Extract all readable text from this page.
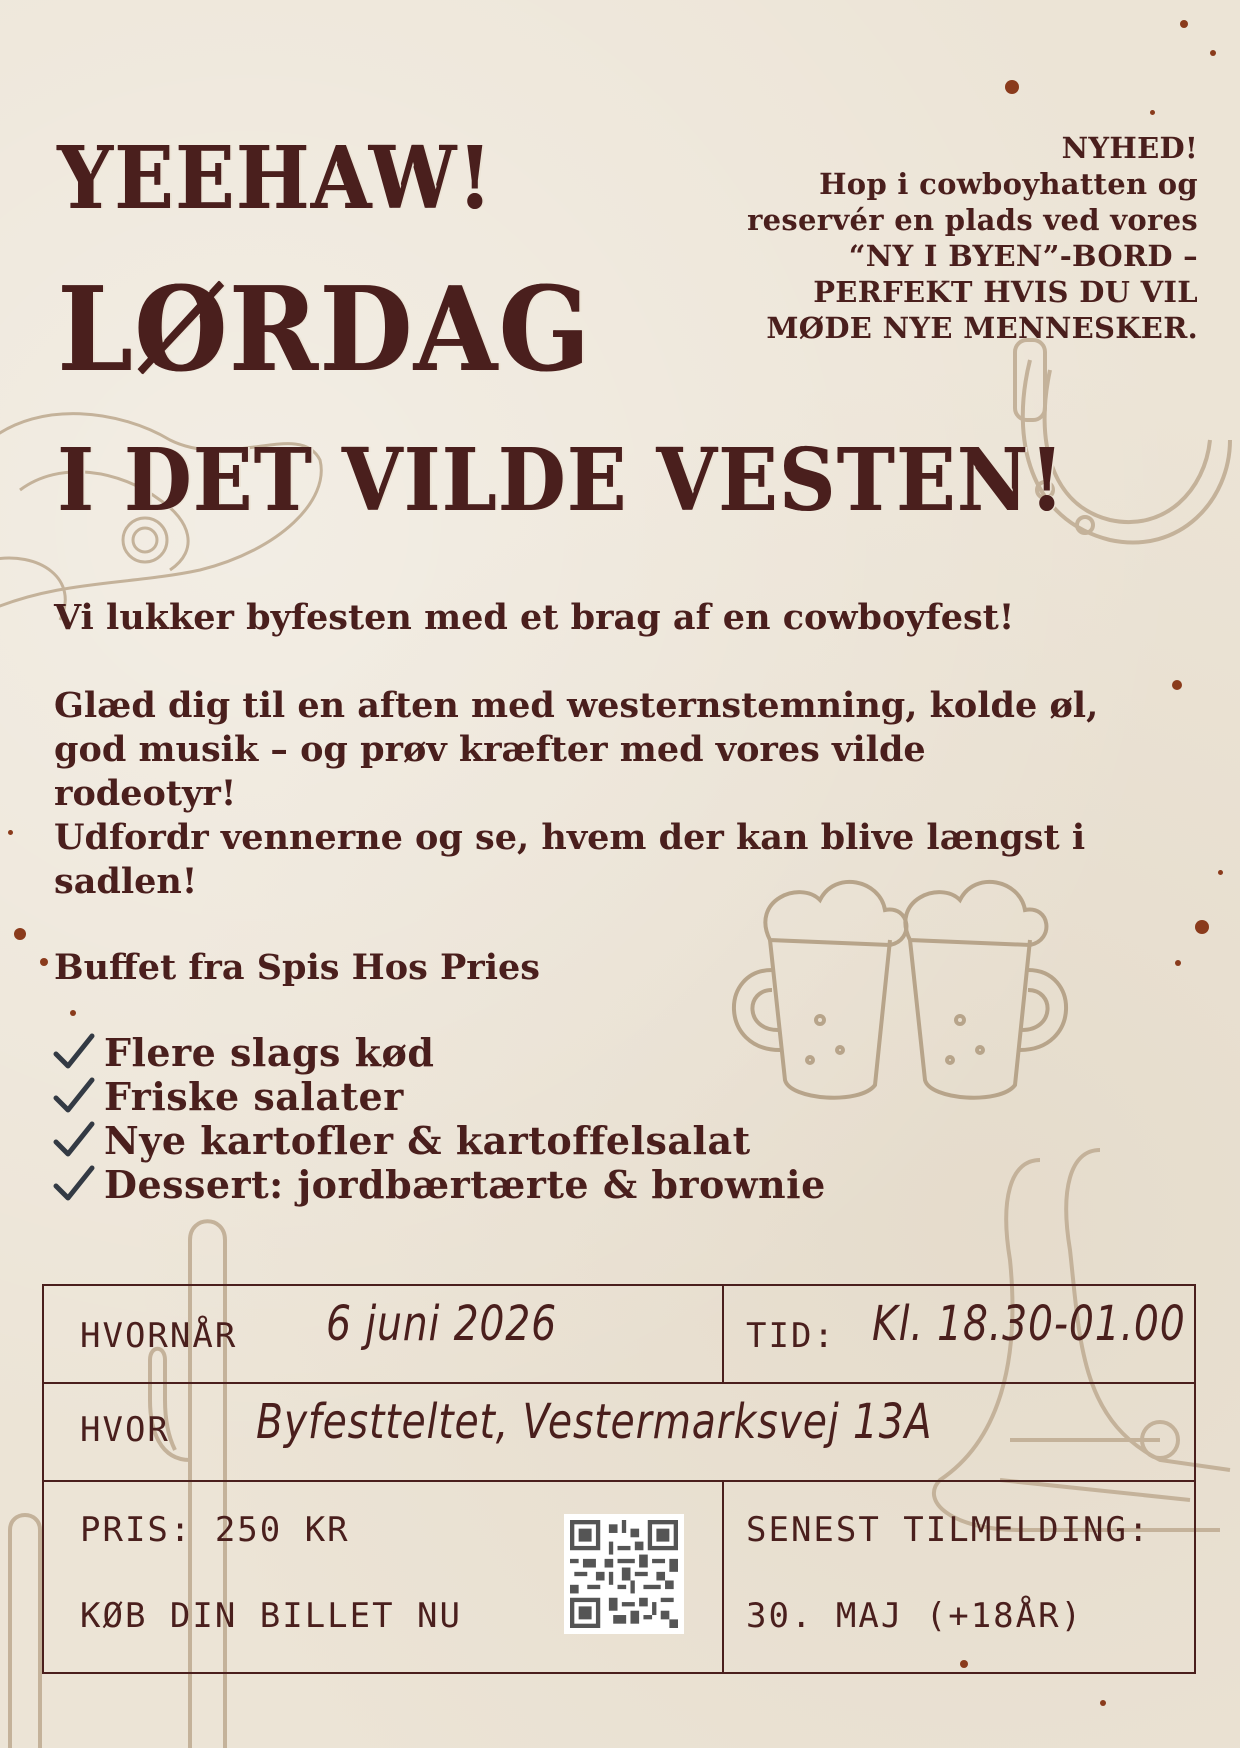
YEEHAW!
LØRDAG
I DET VILDE VESTEN!
NYHED!
Hop i cowboyhatten og
reservér en plads ved vores
“NY I BYEN”-BORD –
PERFEKT HVIS DU VIL
MØDE NYE MENNESKER.
Vi lukker byfesten med et brag af en cowboyfest!
Glæd dig til en aften med westernstemning, kolde øl,
god musik – og prøv kræfter med vores vilde
rodeotyr!
Udfordr vennerne og se, hvem der kan blive længst i
sadlen!
Buffet fra Spis Hos Pries
Flere slags kød
Friske salater
Nye kartofler & kartoffelsalat
Dessert: jordbærtærte & brownie
HVORNÅR 6 juni 2026	TID: Kl. 18.30-01.00
HVOR Byfestteltet, Vestermarksvej 13A
PRIS: 250 KR
KØB DIN BILLET NU
SENEST TILMELDING:
30. MAJ (+18ÅR)
